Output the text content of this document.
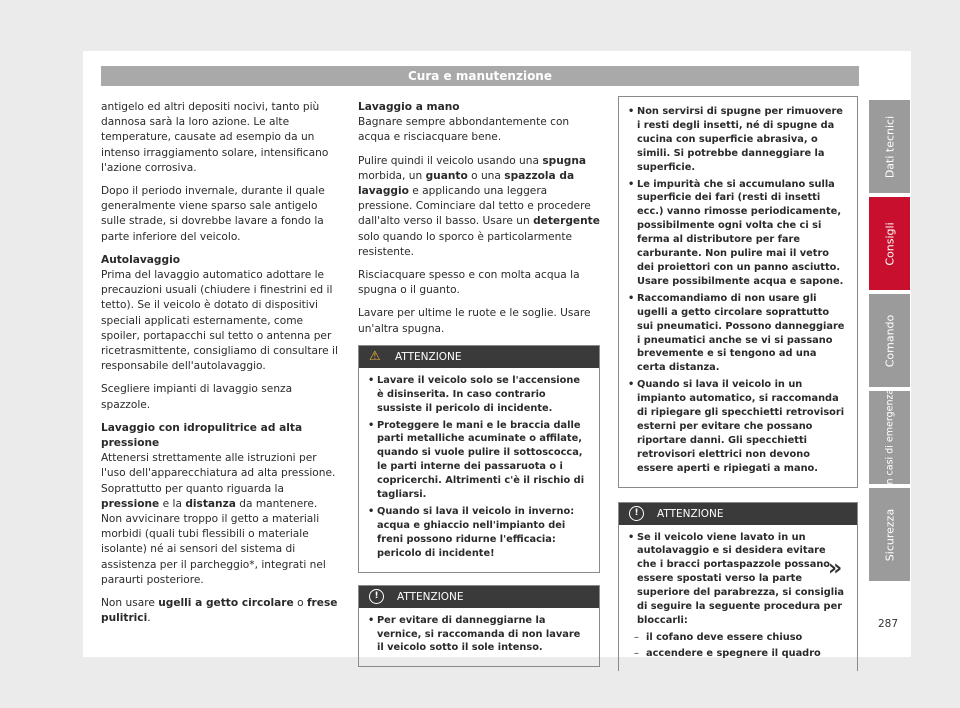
Cura e manutenzione

antigelo ed altri depositi nocivi, tanto più dannosa sarà la loro azione. Le alte temperature, causate ad esempio da un intenso irraggiamento solare, intensificano l'azione corrosiva.

Dopo il periodo invernale, durante il quale generalmente viene sparso sale antigelo sulle strade, si dovrebbe lavare a fondo la parte inferiore del veicolo.

Autolavaggio

Prima del lavaggio automatico adottare le precauzioni usuali (chiudere i finestrini ed il tetto). Se il veicolo è dotato di dispositivi speciali applicati esternamente, come spoiler, portapacchi sul tetto o antenna per ricetrasmittente, consigliamo di consultare il responsabile dell'autolavaggio.

Scegliere impianti di lavaggio senza spazzole.

Lavaggio con idropulitrice ad alta pressione

Attenersi strettamente alle istruzioni per l'uso dell'apparecchiatura ad alta pressione. Soprattutto per quanto riguarda la pressione e la distanza da mantenere. Non avvicinare troppo il getto a materiali morbidi (quali tubi flessibili o materiale isolante) né ai sensori del sistema di assistenza per il parcheggio*, integrati nel paraurti posteriore.

Non usare ugelli a getto circolare o frese pulitrici.

Lavaggio a mano

Bagnare sempre abbondantemente con acqua e risciacquare bene.

Pulire quindi il veicolo usando una spugna morbida, un guanto o una spazzola da lavaggio e applicando una leggera pressione. Cominciare dal tetto e procedere dall'alto verso il basso. Usare un detergente solo quando lo sporco è particolarmente resistente.

Risciacquare spesso e con molta acqua la spugna o il guanto.

Lavare per ultime le ruote e le soglie. Usare un'altra spugna.

⚠	ATTENZIONE
• Lavare il veicolo solo se l'accensione è disinserita. In caso contrario sussiste il pericolo di incidente.
• Proteggere le mani e le braccia dalle parti metalliche acuminate o affilate, quando si vuole pulire il sottoscocca, le parti interne dei passaruota o i copricerchi. Altrimenti c'è il rischio di tagliarsi.
• Quando si lava il veicolo in inverno: acqua e ghiaccio nell'impianto dei freni possono ridurne l'efficacia: pericolo di incidente!
!	ATTENZIONE
• Per evitare di danneggiarne la vernice, si raccomanda di non lavare il veicolo sotto il sole intenso.
• Non servirsi di spugne per rimuovere i resti degli insetti, né di spugne da cucina con superficie abrasiva, o simili. Si potrebbe danneggiare la superficie.
• Le impurità che si accumulano sulla superficie dei fari (resti di insetti ecc.) vanno rimosse periodicamente, possibilmente ogni volta che ci si ferma al distributore per fare carburante. Non pulire mai il vetro dei proiettori con un panno asciutto. Usare possibilmente acqua e sapone.
• Raccomandiamo di non usare gli ugelli a getto circolare soprattutto sui pneumatici. Possono danneggiare i pneumatici anche se vi si passano brevemente e si tengono ad una certa distanza.
• Quando si lava il veicolo in un impianto automatico, si raccomanda di ripiegare gli specchietti retrovisori esterni per evitare che possano riportare danni. Gli specchietti retrovisori elettrici non devono essere aperti e ripiegati a mano.
!	ATTENZIONE
• Se il veicolo viene lavato in un autolavaggio e si desidera evitare che i bracci portaspazzole possano essere spostati verso la parte superiore del parabrezza, si consiglia di seguire la seguente procedura per bloccarli:
– il cofano deve essere chiuso
– accendere e spegnere il quadro
»
Dati tecnici
Consigli
Comando
In casi di emergenza
Sicurezza
287
